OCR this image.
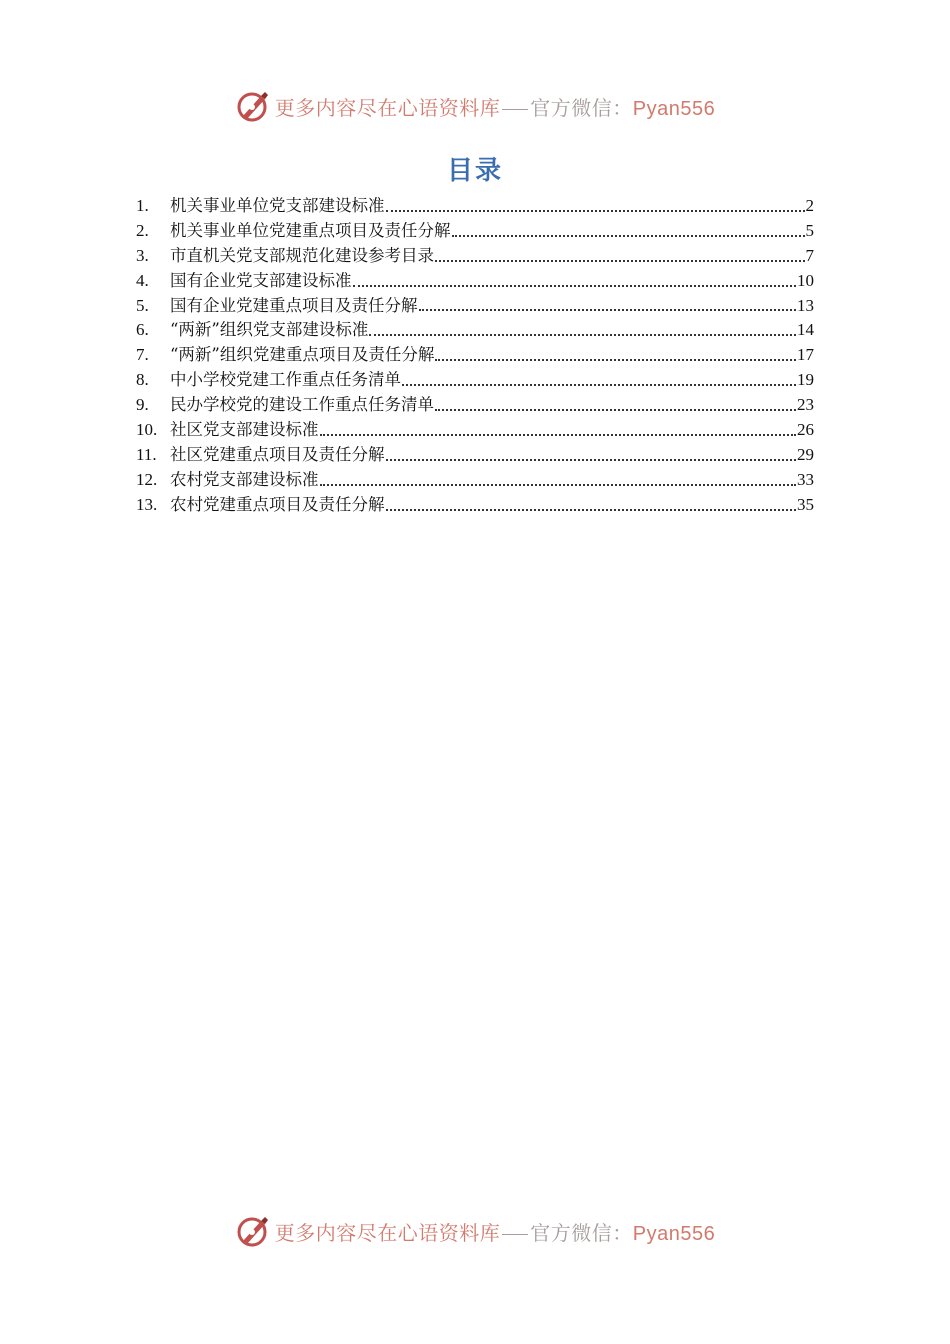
更多内容尽在心语资料库 官方微信：Pyan556
目录
1.	机关事业单位党支部建设标准	2
2.	机关事业单位党建重点项目及责任分解	5
3.	市直机关党支部规范化建设参考目录	7
4.	国有企业党支部建设标准	10
5.	国有企业党建重点项目及责任分解	13
6.	“两新”组织党支部建设标准	14
7.	“两新”组织党建重点项目及责任分解	17
8.	中小学校党建工作重点任务清单	19
9.	民办学校党的建设工作重点任务清单	23
10. 社区党支部建设标准	26
11. 社区党建重点项目及责任分解	29
12. 农村党支部建设标准	33
13. 农村党建重点项目及责任分解	35
更多内容尽在心语资料库 官方微信：Pyan556
